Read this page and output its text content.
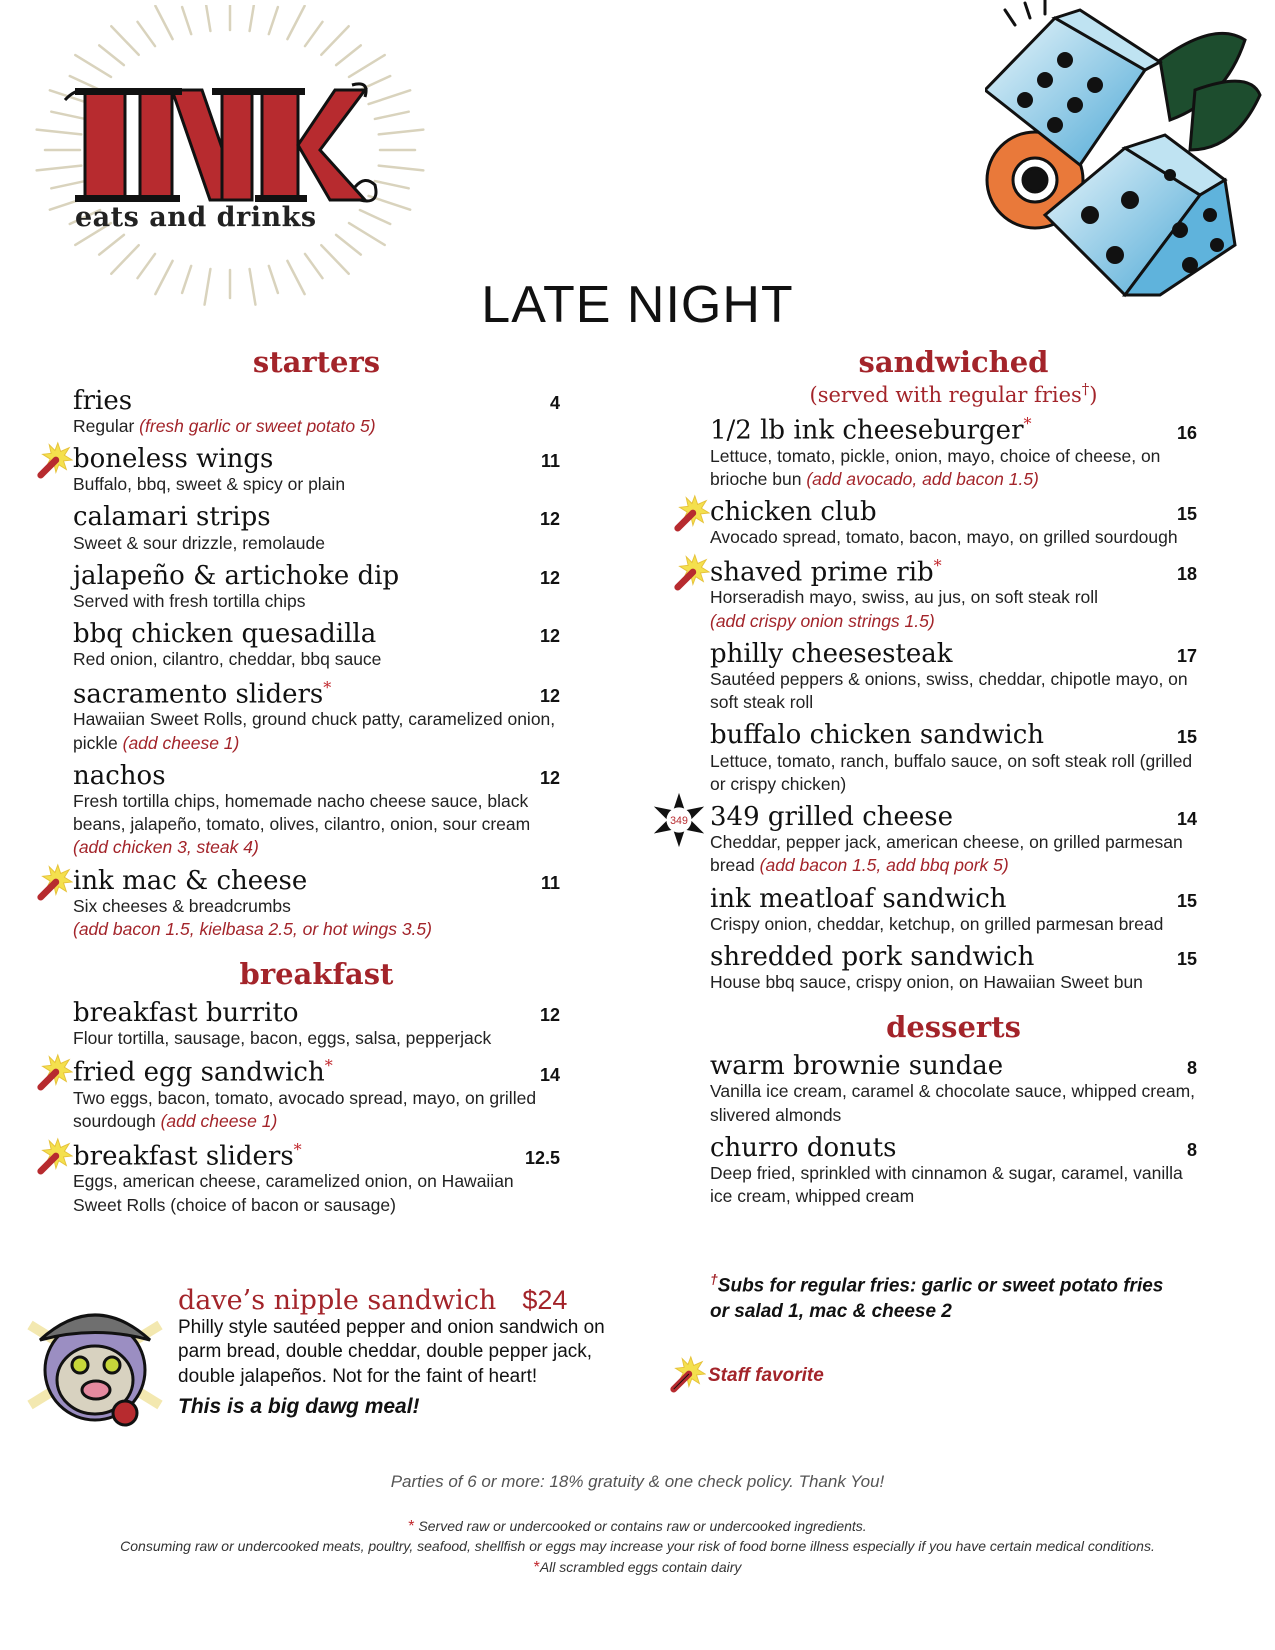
eats and drinks
LATE NIGHT
starters
fries	4
Regular (fresh garlic or sweet potato 5)
boneless wings	11
Buffalo, bbq, sweet & spicy or plain
calamari strips	12
Sweet & sour drizzle, remolaude
jalapeño & artichoke dip	12
Served with fresh tortilla chips
bbq chicken quesadilla	12
Red onion, cilantro, cheddar, bbq sauce
sacramento sliders*	12
Hawaiian Sweet Rolls, ground chuck patty, caramelized onion, pickle (add cheese 1)
nachos	12
Fresh tortilla chips, homemade nacho cheese sauce, black beans, jalapeño, tomato, olives, cilantro, onion, sour cream
(add chicken 3, steak 4)
ink mac & cheese	11
Six cheeses & breadcrumbs
(add bacon 1.5, kielbasa 2.5, or hot wings 3.5)
breakfast
breakfast burrito	12
Flour tortilla, sausage, bacon, eggs, salsa, pepperjack
fried egg sandwich*	14
Two eggs, bacon, tomato, avocado spread, mayo, on grilled sourdough (add cheese 1)
breakfast sliders*	12.5
Eggs, american cheese, caramelized onion, on Hawaiian Sweet Rolls (choice of bacon or sausage)
sandwiched
(served with regular fries†)
1/2 lb ink cheeseburger*	16
Lettuce, tomato, pickle, onion, mayo, choice of cheese, on brioche bun (add avocado, add bacon 1.5)
chicken club	15
Avocado spread, tomato, bacon, mayo, on grilled sourdough
shaved prime rib*	18
Horseradish mayo, swiss, au jus, on soft steak roll
(add crispy onion strings 1.5)
philly cheesesteak	17
Sautéed peppers & onions, swiss, cheddar, chipotle mayo, on soft steak roll
buffalo chicken sandwich	15
Lettuce, tomato, ranch, buffalo sauce, on soft steak roll (grilled or crispy chicken)
349 349 grilled cheese	14
Cheddar, pepper jack, american cheese, on grilled parmesan bread (add bacon 1.5, add bbq pork 5)
ink meatloaf sandwich	15
Crispy onion, cheddar, ketchup, on grilled parmesan bread
shredded pork sandwich	15
House bbq sauce, crispy onion, on Hawaiian Sweet bun
desserts
warm brownie sundae	8
Vanilla ice cream, caramel & chocolate sauce, whipped cream, slivered almonds
churro donuts	8
Deep fried, sprinkled with cinnamon & sugar, caramel, vanilla ice cream, whipped cream
dave’s nipple sandwich $24
Philly style sautéed pepper and onion sandwich on parm bread, double cheddar, double pepper jack, double jalapeños. Not for the faint of heart!
This is a big dawg meal!
†Subs for regular fries: garlic or sweet potato fries or salad 1, mac & cheese 2
Staff favorite
Parties of 6 or more: 18% gratuity & one check policy. Thank You!
* Served raw or undercooked or contains raw or undercooked ingredients.
Consuming raw or undercooked meats, poultry, seafood, shellfish or eggs may increase your risk of food borne illness especially if you have certain medical conditions.
*All scrambled eggs contain dairy
